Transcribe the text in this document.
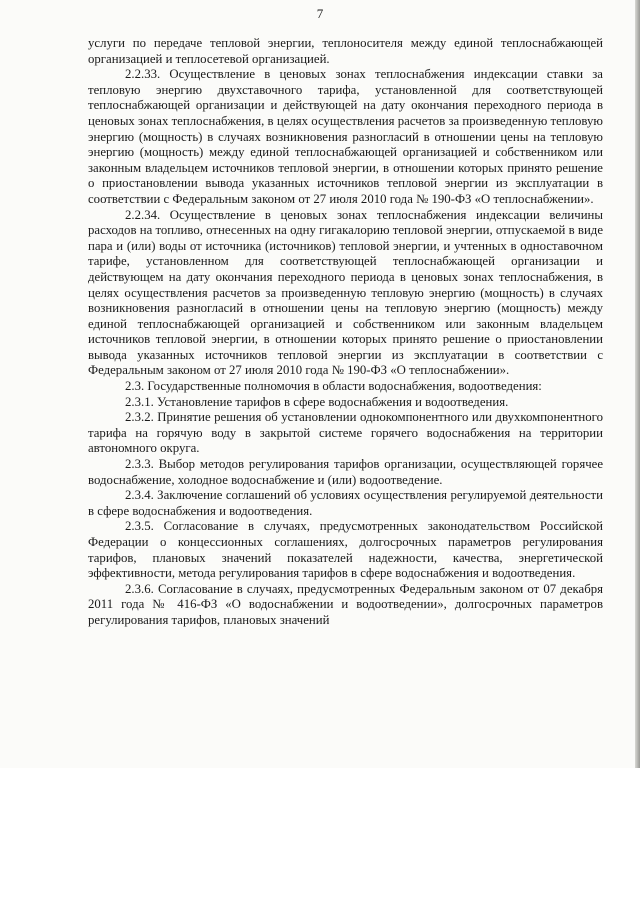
7

услуги по передаче тепловой энергии, теплоносителя между единой теплоснабжающей организацией и теплосетевой организацией.

2.2.33. Осуществление в ценовых зонах теплоснабжения индексации ставки за тепловую энергию двухставочного тарифа, установленной для соответствующей теплоснабжающей организации и действующей на дату окончания переходного периода в ценовых зонах теплоснабжения, в целях осуществления расчетов за произведенную тепловую энергию (мощность) в случаях возникновения разногласий в отношении цены на тепловую энергию (мощность) между единой теплоснабжающей организацией и собственником или законным владельцем источников тепловой энергии, в отношении которых принято решение о приостановлении вывода указанных источников тепловой энергии из эксплуатации в соответствии с Федеральным законом от 27 июля 2010 года № 190-ФЗ «О теплоснабжении».

2.2.34. Осуществление в ценовых зонах теплоснабжения индексации величины расходов на топливо, отнесенных на одну гигакалорию тепловой энергии, отпускаемой в виде пара и (или) воды от источника (источников) тепловой энергии, и учтенных в одноставочном тарифе, установленном для соответствующей теплоснабжающей организации и действующем на дату окончания переходного периода в ценовых зонах теплоснабжения, в целях осуществления расчетов за произведенную тепловую энергию (мощность) в случаях возникновения разногласий в отношении цены на тепловую энергию (мощность) между единой теплоснабжающей организацией и собственником или законным владельцем источников тепловой энергии, в отношении которых принято решение о приостановлении вывода указанных источников тепловой энергии из эксплуатации в соответствии с Федеральным законом от 27 июля 2010 года № 190-ФЗ «О теплоснабжении».

2.3. Государственные полномочия в области водоснабжения, водоотведения:

2.3.1. Установление тарифов в сфере водоснабжения и водоотведения.

2.3.2. Принятие решения об установлении однокомпонентного или двухкомпонентного тарифа на горячую воду в закрытой системе горячего водоснабжения на территории автономного округа.

2.3.3. Выбор методов регулирования тарифов организации, осуществляющей горячее водоснабжение, холодное водоснабжение и (или) водоотведение.

2.3.4. Заключение соглашений об условиях осуществления регулируемой деятельности в сфере водоснабжения и водоотведения.

2.3.5. Согласование в случаях, предусмотренных законодательством Российской Федерации о концессионных соглашениях, долгосрочных параметров регулирования тарифов, плановых значений показателей надежности, качества, энергетической эффективности, метода регулирования тарифов в сфере водоснабжения и водоотведения.

2.3.6. Согласование в случаях, предусмотренных Федеральным законом от 07 декабря 2011 года № 416-ФЗ «О водоснабжении и водоотведении», долгосрочных параметров регулирования тарифов, плановых значений
